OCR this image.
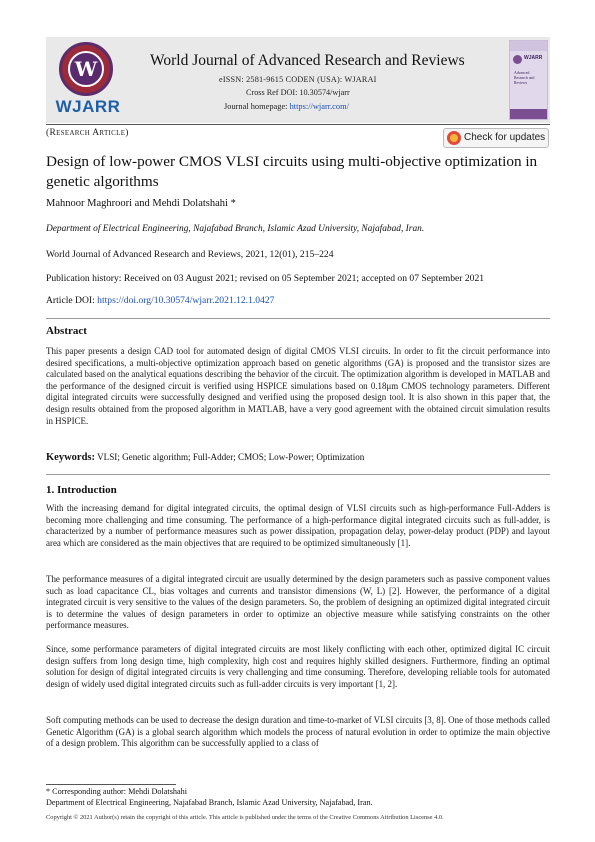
W
WJARR
World Journal of Advanced Research and Reviews
eISSN: 2581-9615 CODEN (USA): WJARAI
Cross Ref DOI: 10.30574/wjarr
Journal homepage: https://wjarr.com/
WJARR
Advanced
Research and
Reviews
(Research Article)	Check for updates
Design of low-power CMOS VLSI circuits using multi-objective optimization in genetic algorithms
Mahnoor Maghroori and Mehdi Dolatshahi *
Department of Electrical Engineering, Najafabad Branch, Islamic Azad University, Najafabad, Iran.
World Journal of Advanced Research and Reviews, 2021, 12(01), 215–224
Publication history: Received on 03 August 2021; revised on 05 September 2021; accepted on 07 September 2021
Article DOI: https://doi.org/10.30574/wjarr.2021.12.1.0427
Abstract
This paper presents a design CAD tool for automated design of digital CMOS VLSI circuits. In order to fit the circuit performance into desired specifications, a multi-objective optimization approach based on genetic algorithms (GA) is proposed and the transistor sizes are calculated based on the analytical equations describing the behavior of the circuit. The optimization algorithm is developed in MATLAB and the performance of the designed circuit is verified using HSPICE simulations based on 0.18μm CMOS technology parameters. Different digital integrated circuits were successfully designed and verified using the proposed design tool. It is also shown in this paper that, the design results obtained from the proposed algorithm in MATLAB, have a very good agreement with the obtained circuit simulation results in HSPICE.
Keywords: VLSI; Genetic algorithm; Full-Adder; CMOS; Low-Power; Optimization
1. Introduction
With the increasing demand for digital integrated circuits, the optimal design of VLSI circuits such as high-performance Full-Adders is becoming more challenging and time consuming. The performance of a high-performance digital integrated circuits such as full-adder, is characterized by a number of performance measures such as power dissipation, propagation delay, power-delay product (PDP) and layout area which are considered as the main objectives that are required to be optimized simultaneously [1].
The performance measures of a digital integrated circuit are usually determined by the design parameters such as passive component values such as load capacitance CL, bias voltages and currents and transistor dimensions (W, L) [2]. However, the performance of a digital integrated circuit is very sensitive to the values of the design parameters. So, the problem of designing an optimized digital integrated circuit is to determine the values of design parameters in order to optimize an objective measure while satisfying constraints on the other performance measures.
Since, some performance parameters of digital integrated circuits are most likely conflicting with each other, optimized digital IC circuit design suffers from long design time, high complexity, high cost and requires highly skilled designers. Furthermore, finding an optimal solution for design of digital integrated circuits is very challenging and time consuming. Therefore, developing reliable tools for automated design of widely used digital integrated circuits such as full-adder circuits is very important [1, 2].
Soft computing methods can be used to decrease the design duration and time-to-market of VLSI circuits [3, 8]. One of those methods called Genetic Algorithm (GA) is a global search algorithm which models the process of natural evolution in order to optimize the main objective of a design problem. This algorithm can be successfully applied to a class of
* Corresponding author: Mehdi Dolatshahi
Department of Electrical Engineering, Najafabad Branch, Islamic Azad University, Najafabad, Iran.
Copyright © 2021 Author(s) retain the copyright of this article. This article is published under the terms of the Creative Commons Attribution Liscense 4.0.
